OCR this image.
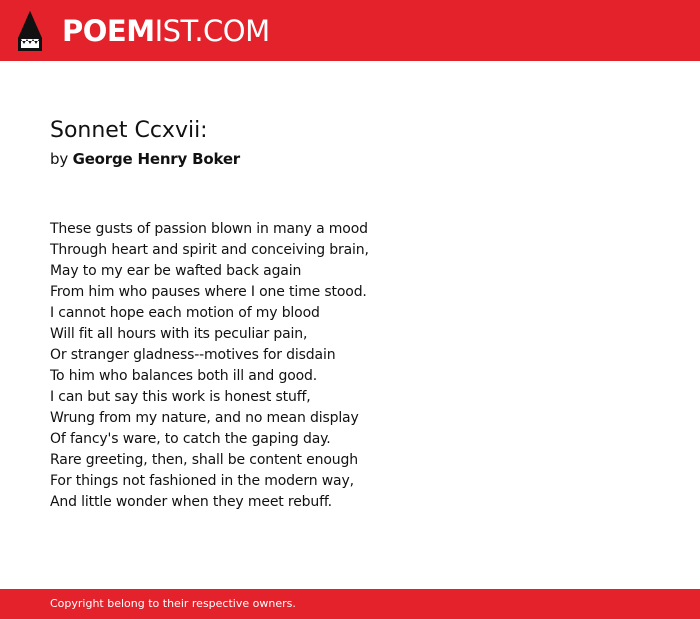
POEMIST.COM
Sonnet Ccxvii:
by George Henry Boker
These gusts of passion blown in many a mood
Through heart and spirit and conceiving brain,
May to my ear be wafted back again
From him who pauses where I one time stood.
I cannot hope each motion of my blood
Will fit all hours with its peculiar pain,
Or stranger gladness--motives for disdain
To him who balances both ill and good.
I can but say this work is honest stuff,
Wrung from my nature, and no mean display
Of fancy's ware, to catch the gaping day.
Rare greeting, then, shall be content enough
For things not fashioned in the modern way,
And little wonder when they meet rebuff.
Copyright belong to their respective owners.
